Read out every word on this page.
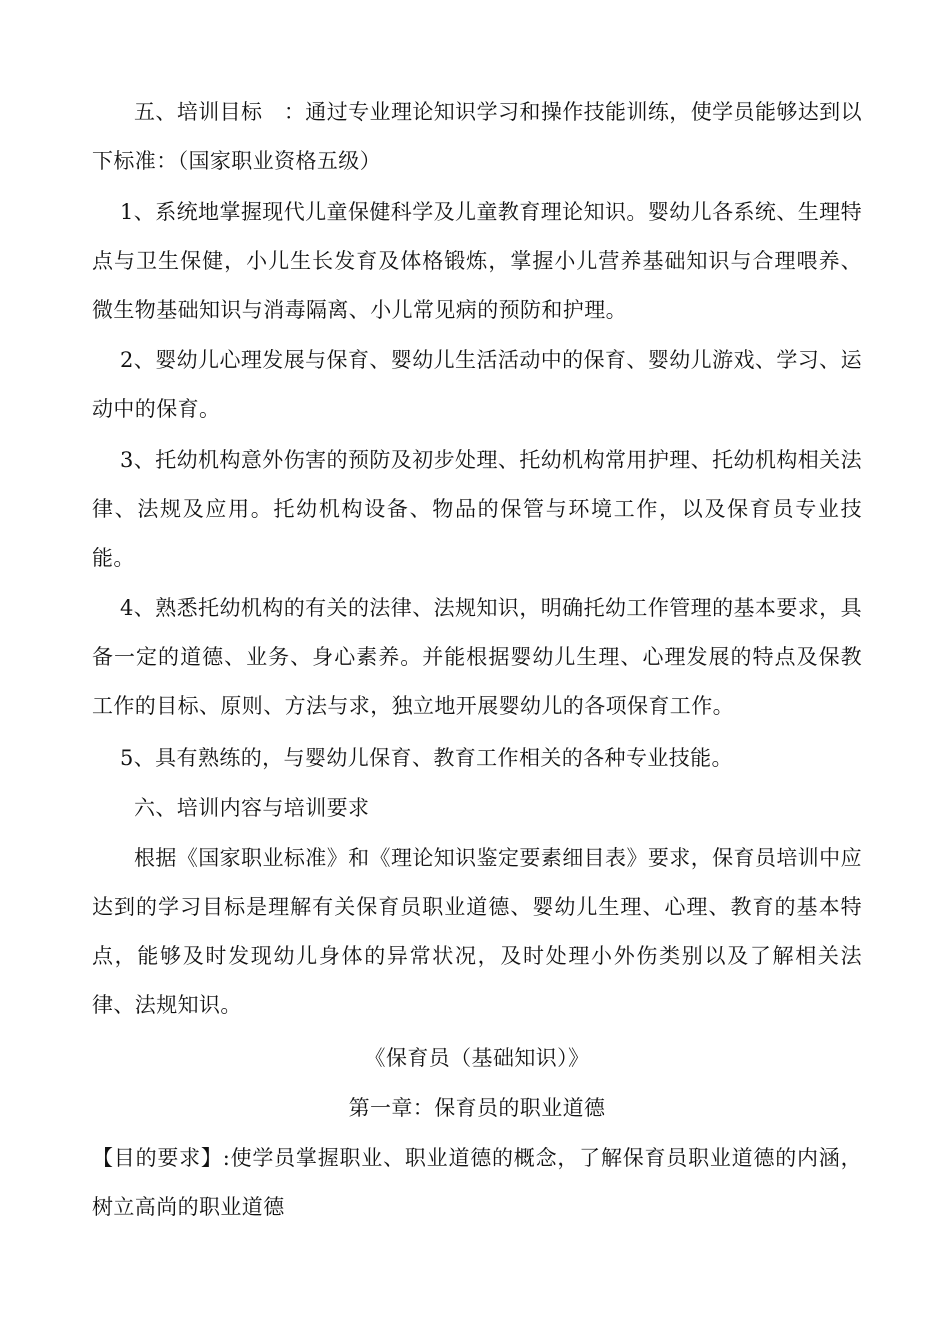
五、培训目标　：通过专业理论知识学习和操作技能训练，使学员能够达到以下标准：（国家职业资格五级）

1、系统地掌握现代儿童保健科学及儿童教育理论知识。婴幼儿各系统、生理特点与卫生保健，小儿生长发育及体格锻炼，掌握小儿营养基础知识与合理喂养、微生物基础知识与消毒隔离、小儿常见病的预防和护理。

2、婴幼儿心理发展与保育、婴幼儿生活活动中的保育、婴幼儿游戏、学习、运动中的保育。

3、托幼机构意外伤害的预防及初步处理、托幼机构常用护理、托幼机构相关法律、法规及应用。托幼机构设备、物品的保管与环境工作，以及保育员专业技能。

4、熟悉托幼机构的有关的法律、法规知识，明确托幼工作管理的基本要求，具备一定的道德、业务、身心素养。并能根据婴幼儿生理、心理发展的特点及保教工作的目标、原则、方法与求，独立地开展婴幼儿的各项保育工作。

5、具有熟练的，与婴幼儿保育、教育工作相关的各种专业技能。

六、培训内容与培训要求

根据《国家职业标准》和《理论知识鉴定要素细目表》要求，保育员培训中应达到的学习目标是理解有关保育员职业道德、婴幼儿生理、心理、教育的基本特点，能够及时发现幼儿身体的异常状况，及时处理小外伤类别以及了解相关法律、法规知识。

《保育员（基础知识）》

第一章：保育员的职业道德

【目的要求】:使学员掌握职业、职业道德的概念，了解保育员职业道德的内涵，树立高尚的职业道德
